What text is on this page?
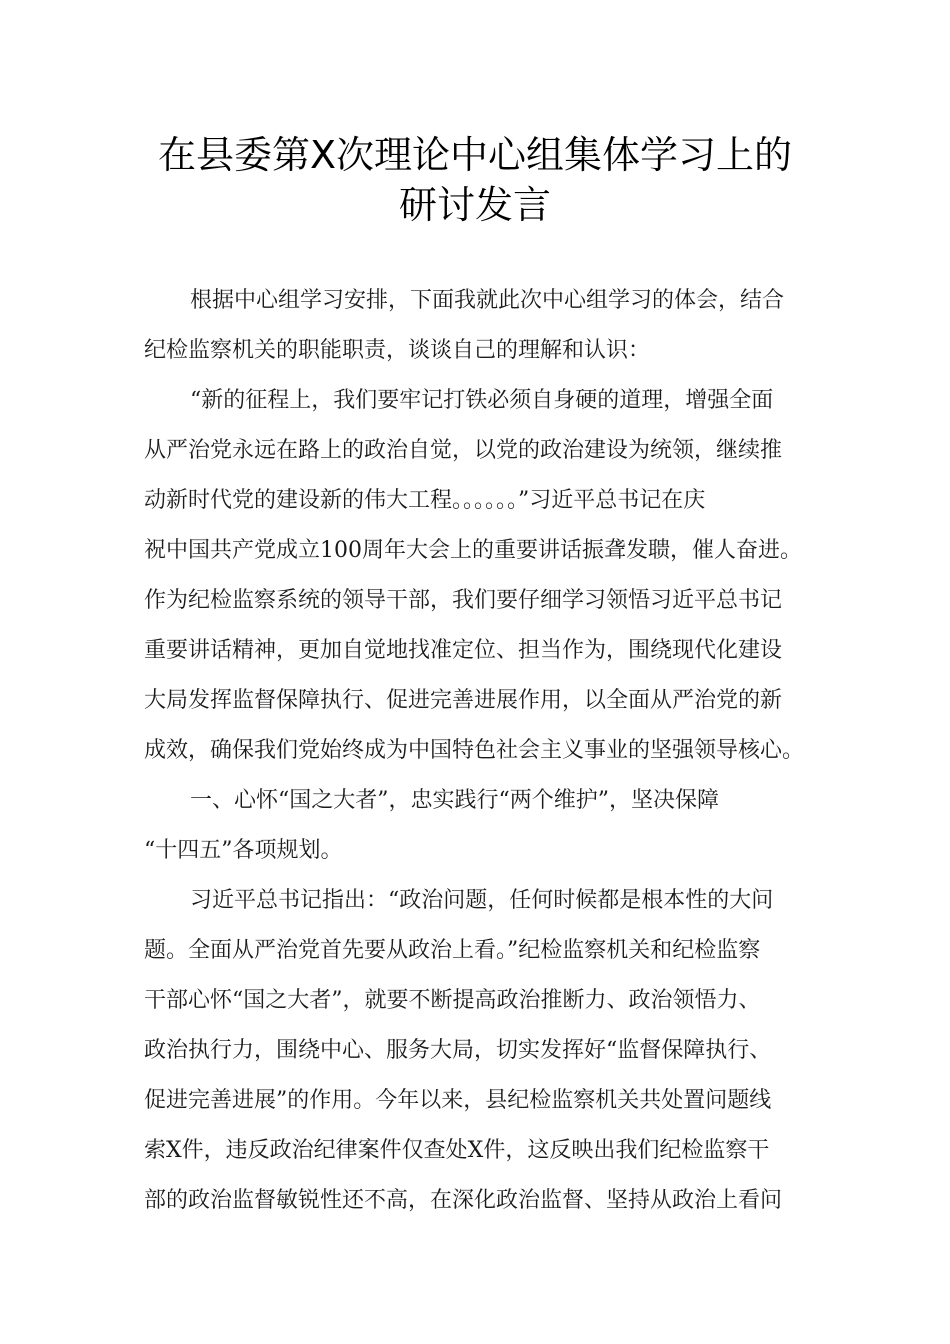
在县委第Ⅹ次理论中心组集体学习上的
研讨发言
根据中心组学习安排，下面我就此次中心组学习的体会，结合
纪检监察机关的职能职责，谈谈自己的理解和认识：
“新的征程上，我们要牢记打铁必须自身硬的道理，增强全面
从严治党永远在路上的政治自觉，以党的政治建设为统领，继续推
动新时代党的建设新的伟大工程。。。。。。”习近平总书记在庆
祝中国共产党成立100周年大会上的重要讲话振聋发聩，催人奋进。
作为纪检监察系统的领导干部，我们要仔细学习领悟习近平总书记
重要讲话精神，更加自觉地找准定位、担当作为，围绕现代化建设
大局发挥监督保障执行、促进完善进展作用，以全面从严治党的新
成效，确保我们党始终成为中国特色社会主义事业的坚强领导核心。
一、心怀“国之大者”，忠实践行“两个维护”，坚决保障
“十四五”各项规划。
习近平总书记指出：“政治问题，任何时候都是根本性的大问
题。全面从严治党首先要从政治上看。”纪检监察机关和纪检监察
干部心怀“国之大者”，就要不断提高政治推断力、政治领悟力、
政治执行力，围绕中心、服务大局，切实发挥好“监督保障执行、
促进完善进展”的作用。今年以来，县纪检监察机关共处置问题线
索X件，违反政治纪律案件仅查处X件，这反映出我们纪检监察干
部的政治监督敏锐性还不高，在深化政治监督、坚持从政治上看问
